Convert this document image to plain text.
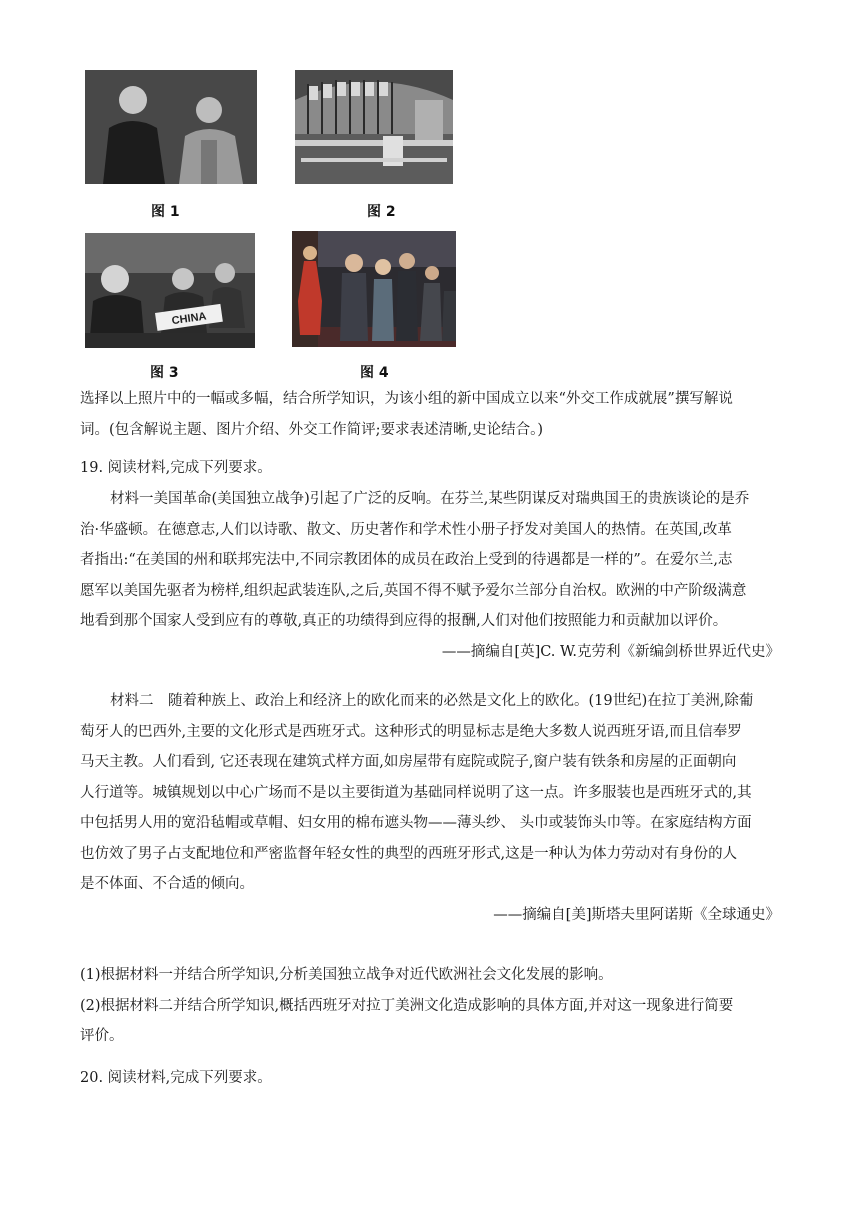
图 1	图 2
CHINA
图 3	图 4
选择以上照片中的一幅或多幅，结合所学知识，为该小组的新中国成立以来“外交工作成就展”撰写解说
词。(包含解说主题、图片介绍、外交工作简评;要求表述清晰,史论结合。)
19. 阅读材料,完成下列要求。
材料一美国革命(美国独立战争)引起了广泛的反响。在芬兰,某些阴谋反对瑞典国王的贵族谈论的是乔
治·华盛顿。在德意志,人们以诗歌、散文、历史著作和学术性小册子抒发对美国人的热情。在英国,改革
者指出:“在美国的州和联邦宪法中,不同宗教团体的成员在政治上受到的待遇都是一样的”。在爱尔兰,志
愿军以美国先驱者为榜样,组织起武装连队,之后,英国不得不赋予爱尔兰部分自治权。欧洲的中产阶级满意
地看到那个国家人受到应有的尊敬,真正的功绩得到应得的报酬,人们对他们按照能力和贡献加以评价。
——摘编自[英]C. W.克劳利《新编剑桥世界近代史》
材料二　随着种族上、政治上和经济上的欧化而来的必然是文化上的欧化。(19世纪)在拉丁美洲,除葡
萄牙人的巴西外,主要的文化形式是西班牙式。这种形式的明显标志是绝大多数人说西班牙语,而且信奉罗
马天主教。人们看到, 它还表现在建筑式样方面,如房屋带有庭院或院子,窗户装有铁条和房屋的正面朝向
人行道等。城镇规划以中心广场而不是以主要街道为基础同样说明了这一点。许多服装也是西班牙式的,其
中包括男人用的宽沿毡帽或草帽、妇女用的棉布遮头物——薄头纱、 头巾或装饰头巾等。在家庭结构方面
也仿效了男子占支配地位和严密监督年轻女性的典型的西班牙形式,这是一种认为体力劳动对有身份的人
是不体面、不合适的倾向。
——摘编自[美]斯塔夫里阿诺斯《全球通史》
(1)根据材料一并结合所学知识,分析美国独立战争对近代欧洲社会文化发展的影响。
(2)根据材料二并结合所学知识,概括西班牙对拉丁美洲文化造成影响的具体方面,并对这一现象进行简要
评价。
20. 阅读材料,完成下列要求。
